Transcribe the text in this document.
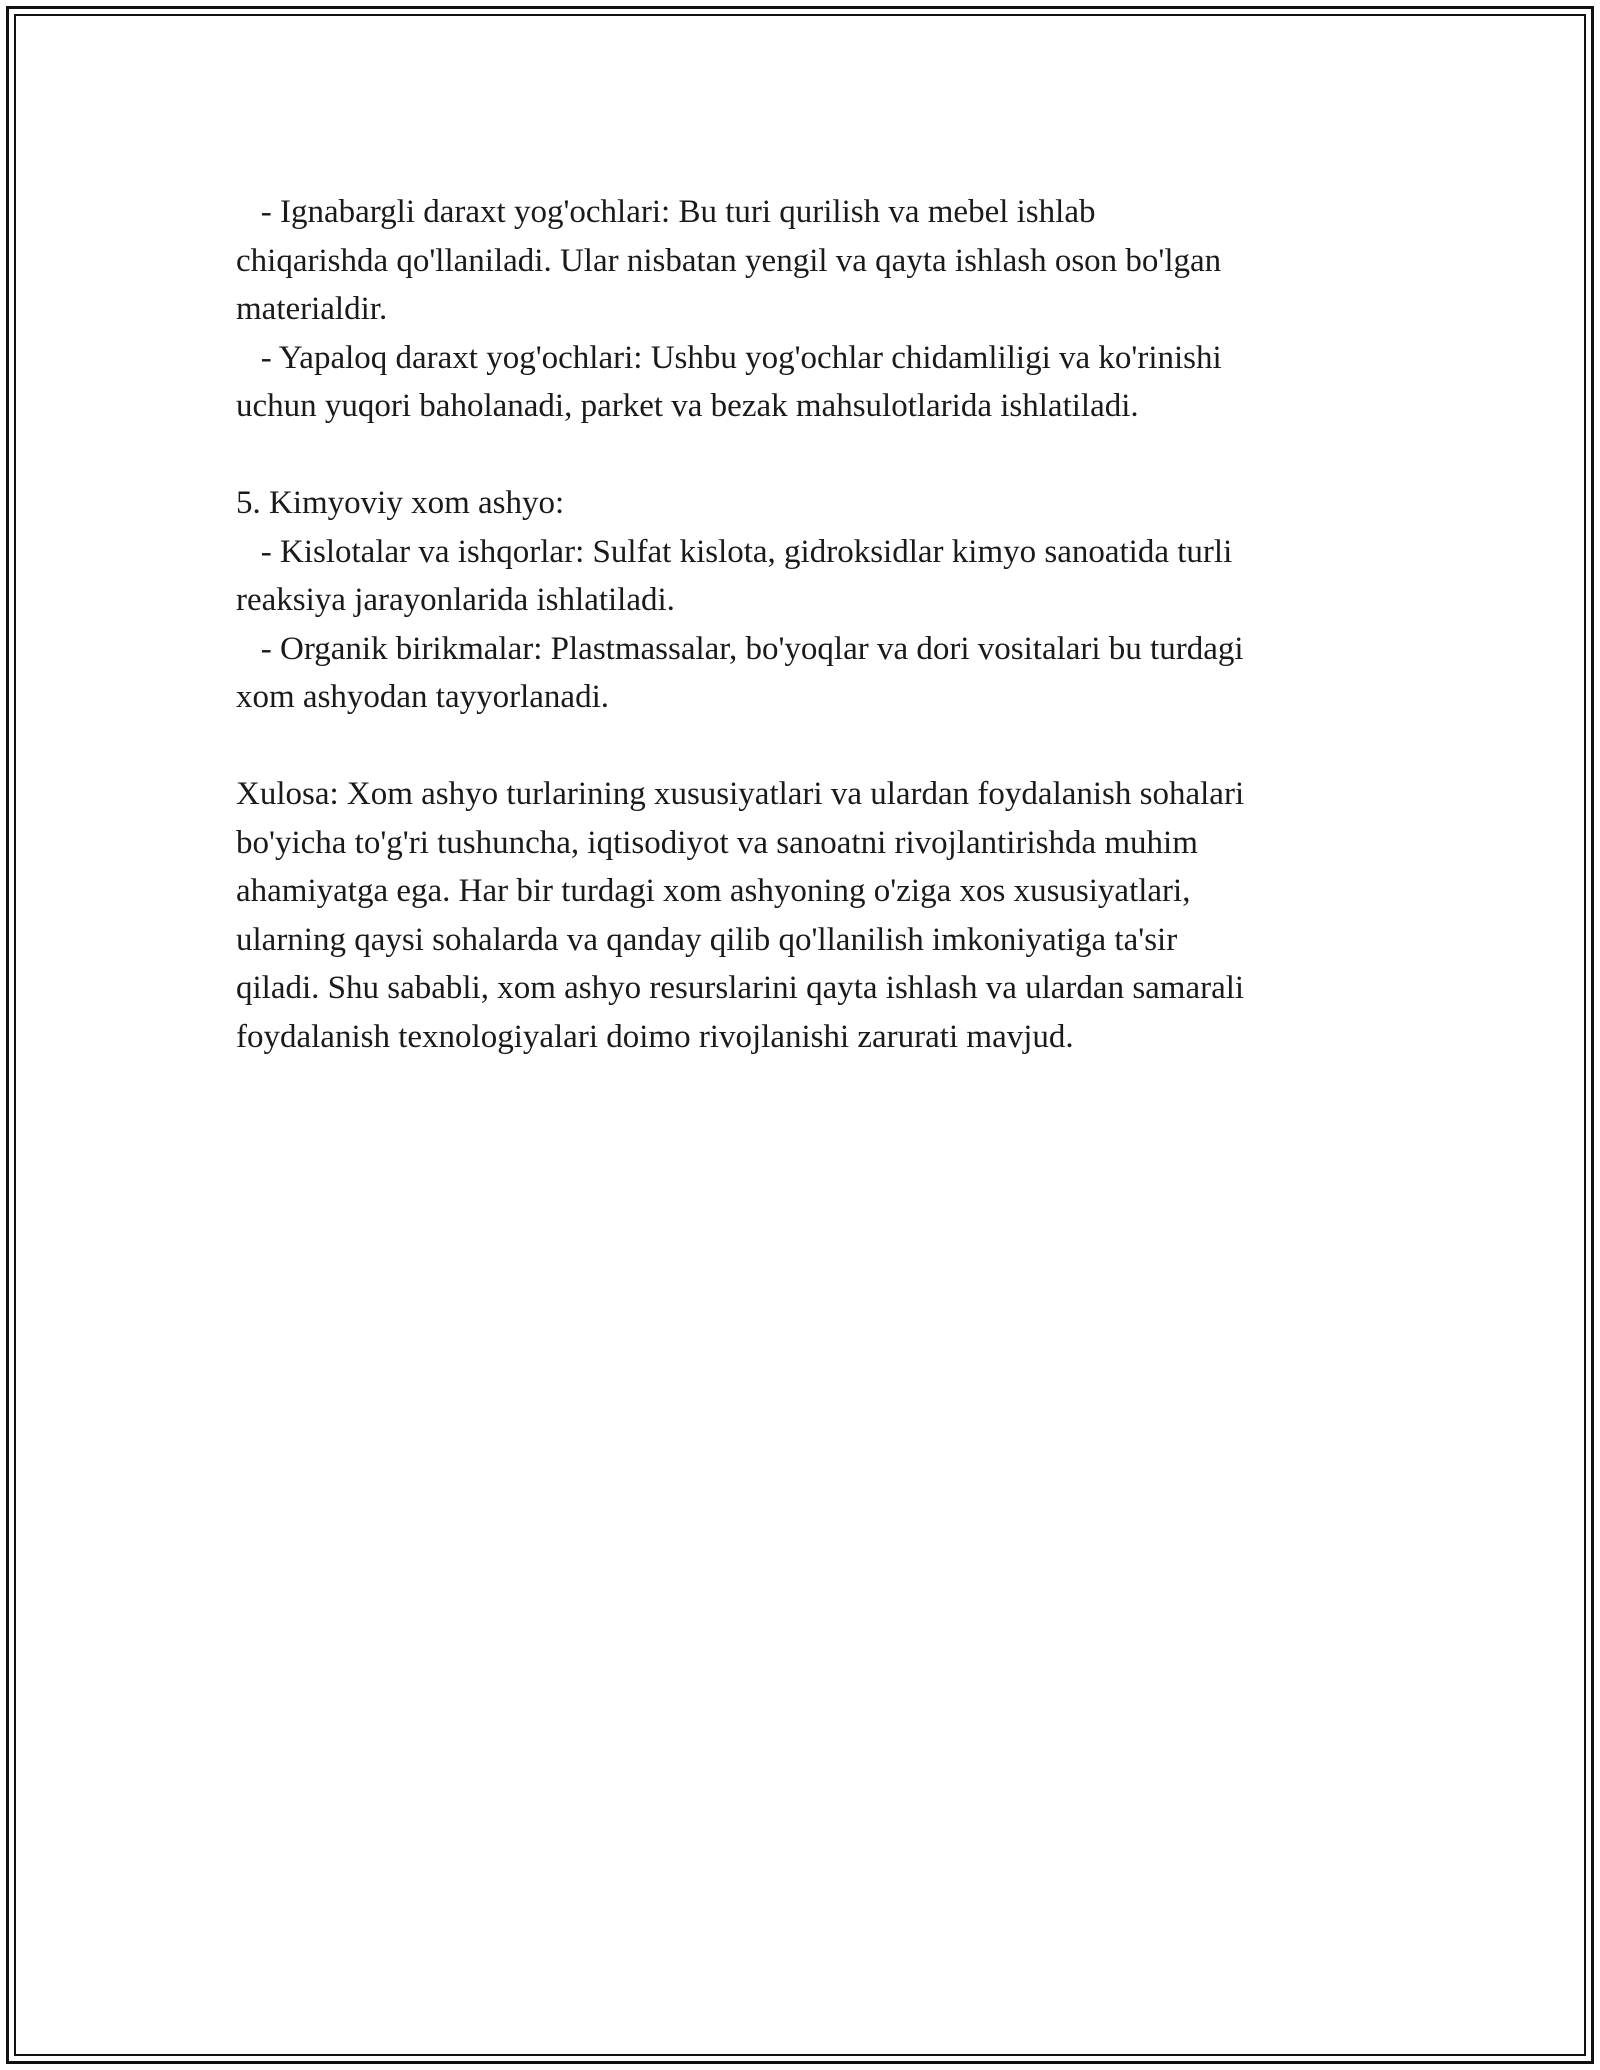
- Ignabargli daraxt yog'ochlari: Bu turi qurilish va mebel ishlab
chiqarishda qo'llaniladi. Ular nisbatan yengil va qayta ishlash oson bo'lgan
materialdir.
- Yapaloq daraxt yog'ochlari: Ushbu yog'ochlar chidamliligi va ko'rinishi
uchun yuqori baholanadi, parket va bezak mahsulotlarida ishlatiladi.
5. Kimyoviy xom ashyo:
- Kislotalar va ishqorlar: Sulfat kislota, gidroksidlar kimyo sanoatida turli
reaksiya jarayonlarida ishlatiladi.
- Organik birikmalar: Plastmassalar, bo'yoqlar va dori vositalari bu turdagi
xom ashyodan tayyorlanadi.
Xulosa: Xom ashyo turlarining xususiyatlari va ulardan foydalanish sohalari
bo'yicha to'g'ri tushuncha, iqtisodiyot va sanoatni rivojlantirishda muhim
ahamiyatga ega. Har bir turdagi xom ashyoning o'ziga xos xususiyatlari,
ularning qaysi sohalarda va qanday qilib qo'llanilish imkoniyatiga ta'sir
qiladi. Shu sababli, xom ashyo resurslarini qayta ishlash va ulardan samarali
foydalanish texnologiyalari doimo rivojlanishi zarurati mavjud.
